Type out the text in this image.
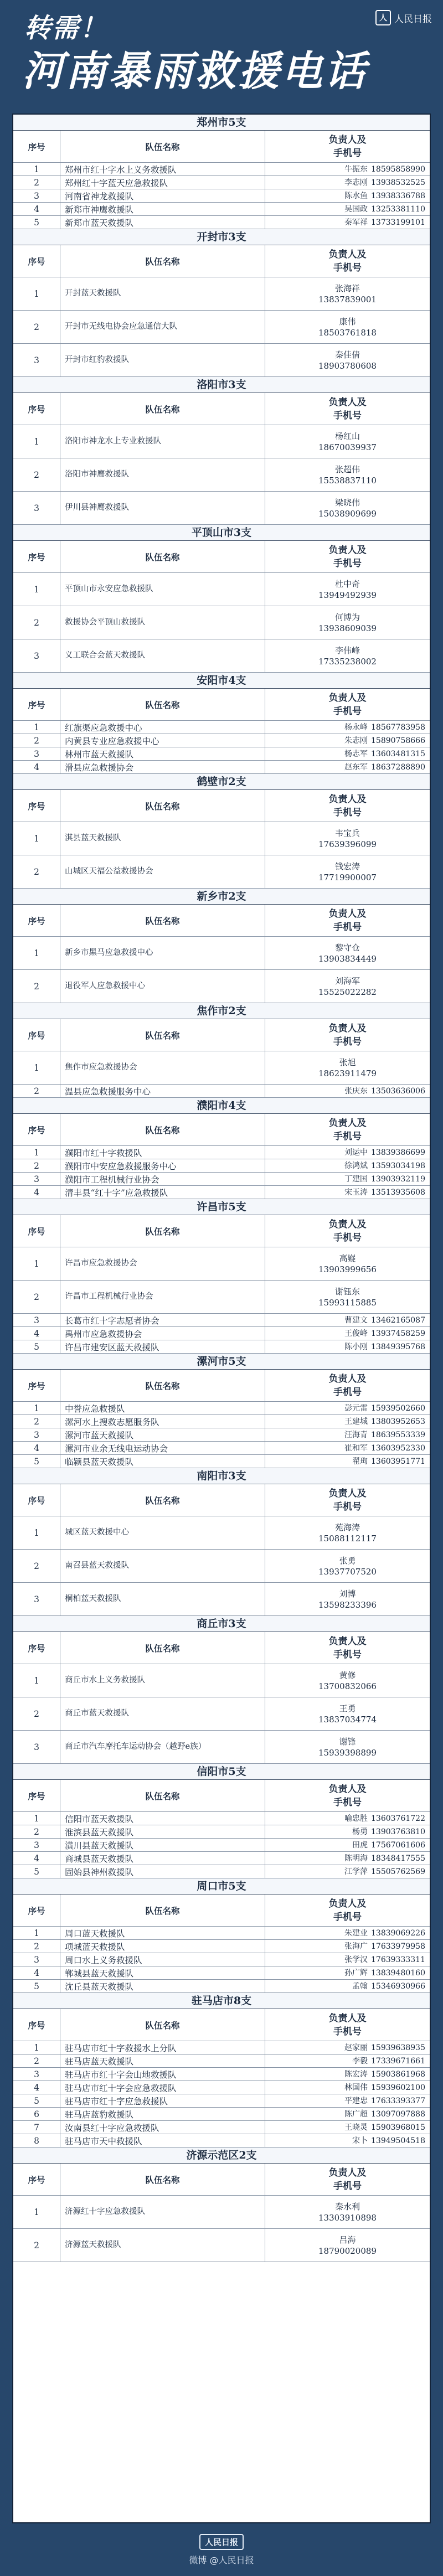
转需！
河南暴雨救援电话
人 人民日报
郑州市5支
序号	队伍名称
负责人及
手机号
1	郑州市红十字水上义务救援队	牛振东 18595858990
2	郑州红十字蓝天应急救援队	李志刚 13938532525
3	河南省神龙救援队	陈水鱼 13938336788
4	新郑市神鹰救援队	吴国政 13253381110
5	新郑市蓝天救援队	秦军祥 13733199101
开封市3支
序号	队伍名称
负责人及
手机号
1	开封蓝天救援队
张海祥
13837839001
2	开封市无线电协会应急通信大队
康伟
18503761818
3	开封市红豹救援队
秦佳倩
18903780608
洛阳市3支
序号	队伍名称
负责人及
手机号
1	洛阳市神龙水上专业救援队
杨红山
18670039937
2	洛阳市神鹰救援队
张超伟
15538837110
3	伊川县神鹰救援队
梁晓伟
15038909699
平顶山市3支
序号	队伍名称
负责人及
手机号
1	平顶山市永安应急救援队
杜中奇
13949492939
2	救援协会平顶山救援队
何博为
13938609039
3	义工联合会蓝天救援队
李伟峰
17335238002
安阳市4支
序号	队伍名称
负责人及
手机号
1	红旗渠应急救援中心	杨永峰 18567783958
2	内黄县专业应急救援中心	朱志刚 15890758666
3	林州市蓝天救援队	杨志军 13603481315
4	滑县应急救援协会	赵东军 18637288890
鹤壁市2支
序号	队伍名称
负责人及
手机号
1	淇县蓝天救援队
韦宝兵
17639396099
2	山城区天福公益救援协会
钱宏涛
17719900007
新乡市2支
序号	队伍名称
负责人及
手机号
1	新乡市黑马应急救援中心
黎守仓
13903834449
2	退役军人应急救援中心
刘海军
15525022282
焦作市2支
序号	队伍名称
负责人及
手机号
1	焦作市应急救援协会
张旭
18623911479
2	温县应急救援服务中心	张庆东 13503636006
濮阳市4支
序号	队伍名称
负责人及
手机号
1	濮阳市红十字救援队	刘运中 13839386699
2	濮阳市中安应急救援服务中心	徐鸿斌 13593034198
3	濮阳市工程机械行业协会	丁建国 13903932119
4	清丰县“红十字”应急救援队	宋玉涛 13513935608
许昌市5支
序号	队伍名称
负责人及
手机号
1	许昌市应急救援协会
高嶷
13903999656
2	许昌市工程机械行业协会
谢钰东
15993115885
3	长葛市红十字志愿者协会	曹建文 13462165087
4	禹州市应急救援协会	王俊峰 13937458259
5	许昌市建安区蓝天救援队	陈小刚 13849395768
漯河市5支
序号	队伍名称
负责人及
手机号
1	中誉应急救援队	彭元雷 15939502660
2	漯河水上搜救志愿服务队	王建城 13803952653
3	漯河市蓝天救援队	汪海青 18639553339
4	漯河市业余无线电运动协会	崔和军 13603952330
5	临颍县蓝天救援队	翟珣 13603951771
南阳市3支
序号	队伍名称
负责人及
手机号
1	城区蓝天救援中心
苑海涛
15088112117
2	南召县蓝天救援队
张勇
13937707520
3	桐柏蓝天救援队
刘博
13598233396
商丘市3支
序号	队伍名称
负责人及
手机号
1	商丘市水上义务救援队
黄修
13700832066
2	商丘市蓝天救援队
王勇
13837034774
3	商丘市汽车摩托车运动协会（越野e族）
谢锋
15939398899
信阳市5支
序号	队伍名称
负责人及
手机号
1	信阳市蓝天救援队	喻忠胜 13603761722
2	淮滨县蓝天救援队	杨勇 13903763810
3	潢川县蓝天救援队	田虎 17567061606
4	商城县蓝天救援队	陈明海 18348417555
5	固始县神州救援队	江学萍 15505762569
周口市5支
序号	队伍名称
负责人及
手机号
1	周口蓝天救援队	朱建业 13839069226
2	项城蓝天救援队	张海广 17633979958
3	周口水上义务救援队	张学汉 17639333311
4	郸城县蓝天救援队	孙广辉 13839480160
5	沈丘县蓝天救援队	孟翰 15346930966
驻马店市8支
序号	队伍名称
负责人及
手机号
1	驻马店市红十字救援水上分队	赵家丽 15939638935
2	驻马店蓝天救援队	李毅 17339671661
3	驻马店市红十字会山地救援队	陈宏涛 15903861968
4	驻马店市红十字会应急救援队	林国伟 15939602100
5	驻马店市红十字应急救援队	平建忠 17633393377
6	驻马店蓝豹救援队	陈广超 13097097888
7	汝南县红十字应急救援队	王晓灵 15903968015
8	驻马店市天中救援队	宋卜 13949504518
济源示范区2支
序号	队伍名称
负责人及
手机号
1	济源红十字应急救援队
秦水利
13303910898
2	济源蓝天救援队
吕海
18790020089
人民日报
微博 @人民日报
